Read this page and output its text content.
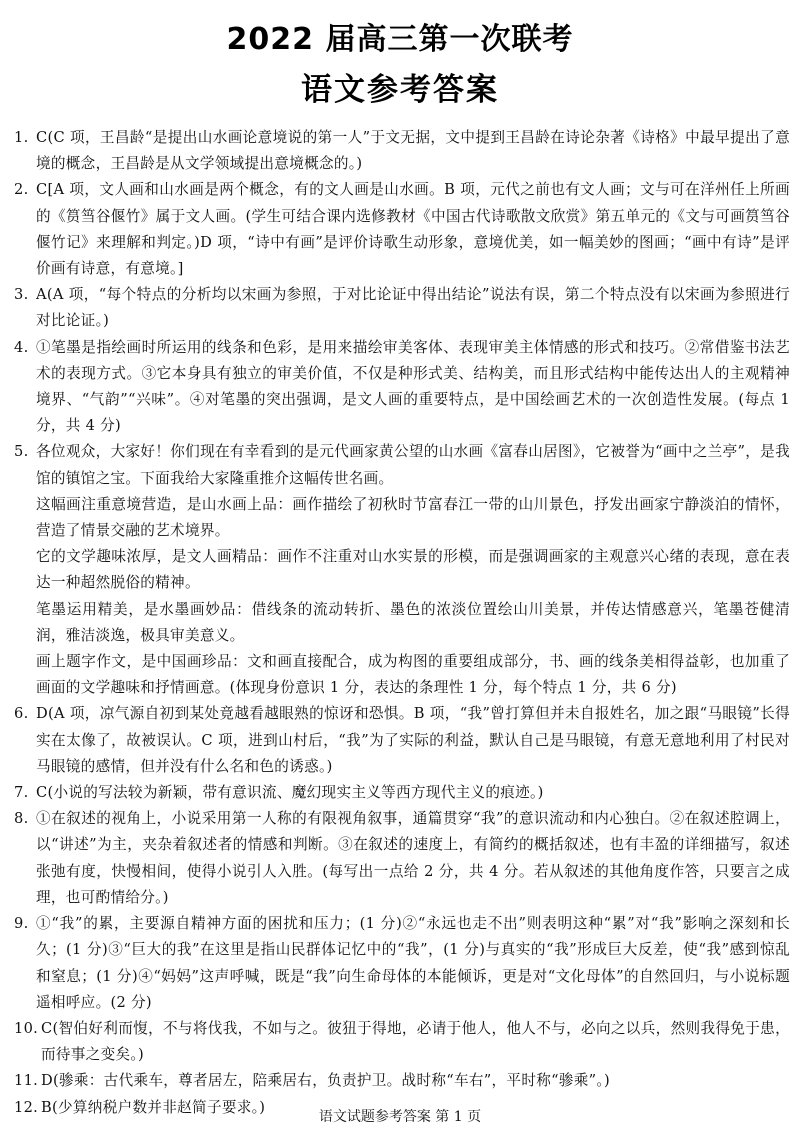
2022 届高三第一次联考
语文参考答案
1. C(C 项，王昌龄“是提出山水画论意境说的第一人”于文无据，文中提到王昌龄在诗论杂著《诗格》中最早提出了意境的概念，王昌龄是从文学领域提出意境概念的。)
2. C[A 项，文人画和山水画是两个概念，有的文人画是山水画。B 项，元代之前也有文人画；文与可在洋州任上所画的《筼筜谷偃竹》属于文人画。(学生可结合课内选修教材《中国古代诗歌散文欣赏》第五单元的《文与可画筼筜谷偃竹记》来理解和判定。)D 项，“诗中有画”是评价诗歌生动形象，意境优美，如一幅美妙的图画；“画中有诗”是评价画有诗意，有意境。]
3. A(A 项，“每个特点的分析均以宋画为参照，于对比论证中得出结论”说法有误，第二个特点没有以宋画为参照进行对比论证。)
4. ①笔墨是指绘画时所运用的线条和色彩，是用来描绘审美客体、表现审美主体情感的形式和技巧。②常借鉴书法艺术的表现方式。③它本身具有独立的审美价值，不仅是种形式美、结构美，而且形式结构中能传达出人的主观精神境界、“气韵”“兴味”。④对笔墨的突出强调，是文人画的重要特点，是中国绘画艺术的一次创造性发展。(每点 1 分，共 4 分)
5. 各位观众，大家好！你们现在有幸看到的是元代画家黄公望的山水画《富春山居图》，它被誉为“画中之兰亭”，是我馆的镇馆之宝。下面我给大家隆重推介这幅传世名画。
这幅画注重意境营造，是山水画上品：画作描绘了初秋时节富春江一带的山川景色，抒发出画家宁静淡泊的情怀，营造了情景交融的艺术境界。
它的文学趣味浓厚，是文人画精品：画作不注重对山水实景的形模，而是强调画家的主观意兴心绪的表现，意在表达一种超然脱俗的精神。
笔墨运用精美，是水墨画妙品：借线条的流动转折、墨色的浓淡位置绘山川美景，并传达情感意兴，笔墨苍健清润，雅洁淡逸，极具审美意义。
画上题字作文，是中国画珍品：文和画直接配合，成为构图的重要组成部分，书、画的线条美相得益彰，也加重了画面的文学趣味和抒情画意。(体现身份意识 1 分，表达的条理性 1 分，每个特点 1 分，共 6 分)
6. D(A 项，凉气源自初到某处竟越看越眼熟的惊讶和恐惧。B 项，“我”曾打算但并未自报姓名，加之跟“马眼镜”长得实在太像了，故被误认。C 项，进到山村后，“我”为了实际的利益，默认自己是马眼镜，有意无意地利用了村民对马眼镜的感情，但并没有什么名和色的诱惑。)
7. C(小说的写法较为新颖，带有意识流、魔幻现实主义等西方现代主义的痕迹。)
8. ①在叙述的视角上，小说采用第一人称的有限视角叙事，通篇贯穿“我”的意识流动和内心独白。②在叙述腔调上，以“讲述”为主，夹杂着叙述者的情感和判断。③在叙述的速度上，有简约的概括叙述，也有丰盈的详细描写，叙述张弛有度，快慢相间，使得小说引人入胜。(每写出一点给 2 分，共 4 分。若从叙述的其他角度作答，只要言之成理，也可酌情给分。)
9. ①“我”的累，主要源自精神方面的困扰和压力；(1 分)②“永远也走不出”则表明这种“累”对“我”影响之深刻和长久；(1 分)③“巨大的我”在这里是指山民群体记忆中的“我”，(1 分)与真实的“我”形成巨大反差，使“我”感到惊乱和窒息；(1 分)④“妈妈”这声呼喊，既是“我”向生命母体的本能倾诉，更是对“文化母体”的自然回归，与小说标题遥相呼应。(2 分)
10. C(智伯好利而愎，不与将伐我，不如与之。彼狃于得地，必请于他人，他人不与，必向之以兵，然则我得免于患，而待事之变矣。)
11. D(骖乘：古代乘车，尊者居左，陪乘居右，负责护卫。战时称“车右”，平时称“骖乘”。)
12. B(少算纳税户数并非赵简子要求。)
语文试题参考答案 第 1 页
